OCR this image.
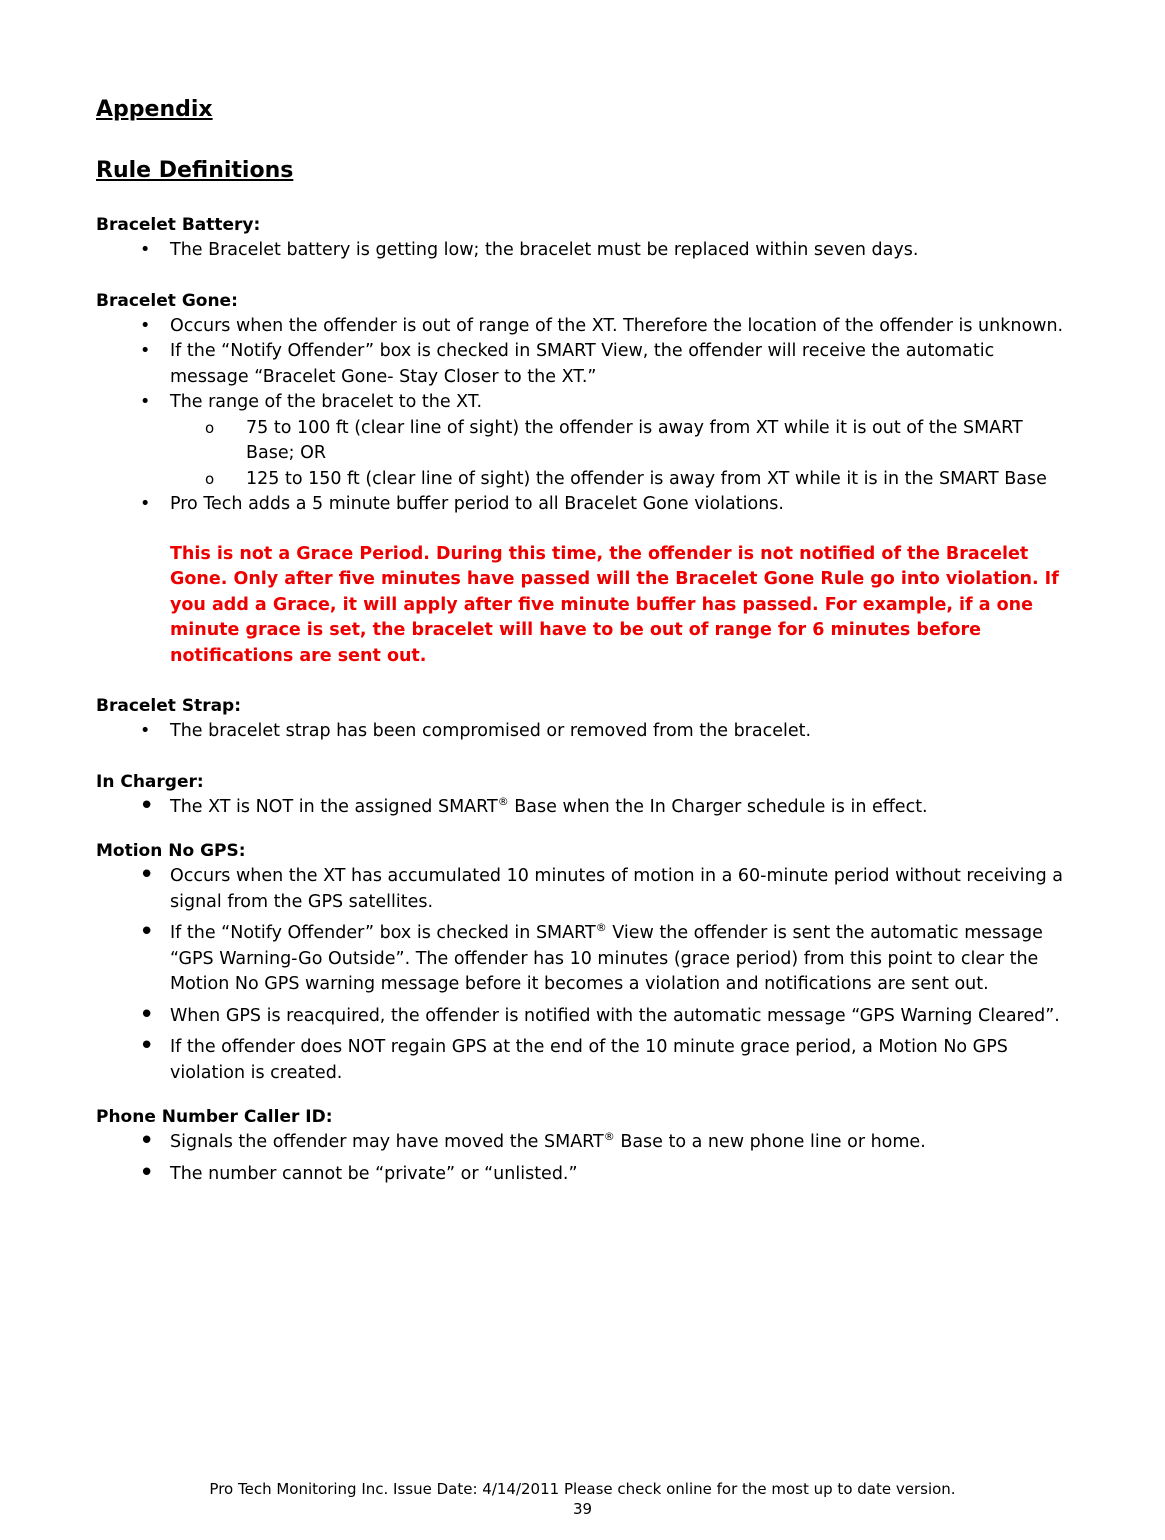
Appendix
Rule Definitions

Bracelet Battery:

• The Bracelet battery is getting low; the bracelet must be replaced within seven days.

Bracelet Gone:

• Occurs when the offender is out of range of the XT. Therefore the location of the offender is unknown.
• If the “Notify Offender” box is checked in SMART View, the offender will receive the automatic message “Bracelet Gone- Stay Closer to the XT.”
• The range of the bracelet to the XT.
o 75 to 100 ft (clear line of sight) the offender is away from XT while it is out of the SMART Base; OR
o 125 to 150 ft (clear line of sight) the offender is away from XT while it is in the SMART Base
• Pro Tech adds a 5 minute buffer period to all Bracelet Gone violations.

This is not a Grace Period. During this time, the offender is not notified of the Bracelet Gone. Only after five minutes have passed will the Bracelet Gone Rule go into violation. If you add a Grace, it will apply after five minute buffer has passed. For example, if a one minute grace is set, the bracelet will have to be out of range for 6 minutes before notifications are sent out.

Bracelet Strap:

• The bracelet strap has been compromised or removed from the bracelet.

In Charger:

• The XT is NOT in the assigned SMART® Base when the In Charger schedule is in effect.

Motion No GPS:

• Occurs when the XT has accumulated 10 minutes of motion in a 60-minute period without receiving a signal from the GPS satellites.
• If the “Notify Offender” box is checked in SMART® View the offender is sent the automatic message “GPS Warning-Go Outside”. The offender has 10 minutes (grace period) from this point to clear the Motion No GPS warning message before it becomes a violation and notifications are sent out.
• When GPS is reacquired, the offender is notified with the automatic message “GPS Warning Cleared”.
• If the offender does NOT regain GPS at the end of the 10 minute grace period, a Motion No GPS violation is created.

Phone Number Caller ID:

• Signals the offender may have moved the SMART® Base to a new phone line or home.
• The number cannot be “private” or “unlisted.”
Pro Tech Monitoring Inc. Issue Date: 4/14/2011 Please check online for the most up to date version.
39
